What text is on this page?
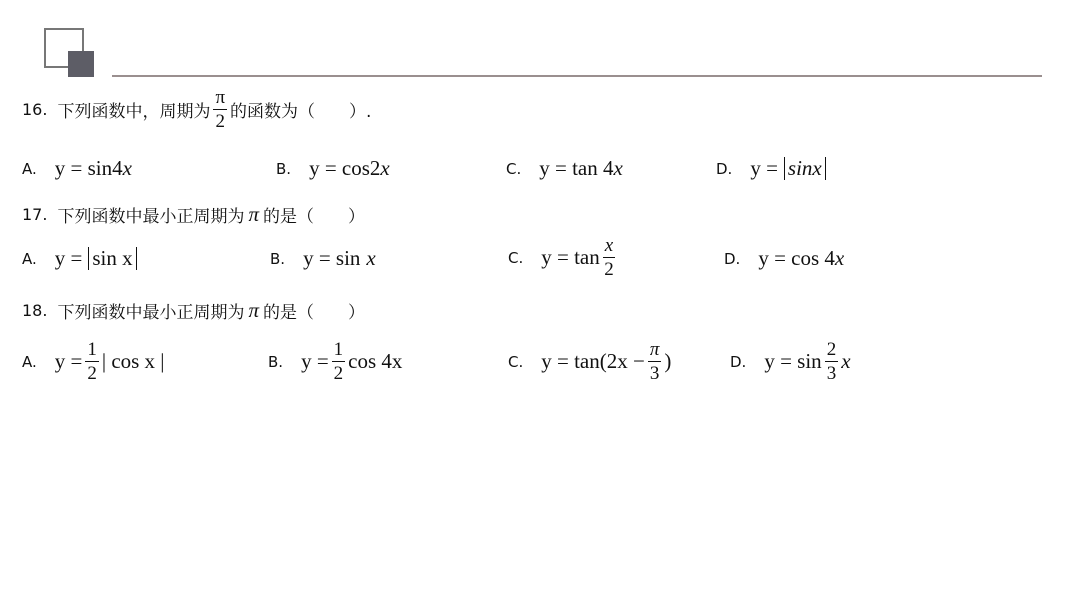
16. 下列函数中，周期为 $\frac{\pi}{2}$ 的函数为（　　）.
A. y = sin4 x	B. y = cos2 x	C. y = tan 4 x	D. y = sinx
17. 下列函数中最小正周期为 π 的是（　　）
A. y = sin x	B. y = sin x	C. $y = \tan \frac{x}{2}$	D. y = cos 4 x
18. 下列函数中最小正周期为 π 的是（　　）
A. $y = \frac{1}{2}$ | cos x |	B. $y = \frac{1}{2}$ cos 4x	C. $y = \tan(2x - \frac{\pi}{3}$ )	D. $y = \sin \frac{2}{3}$ x
